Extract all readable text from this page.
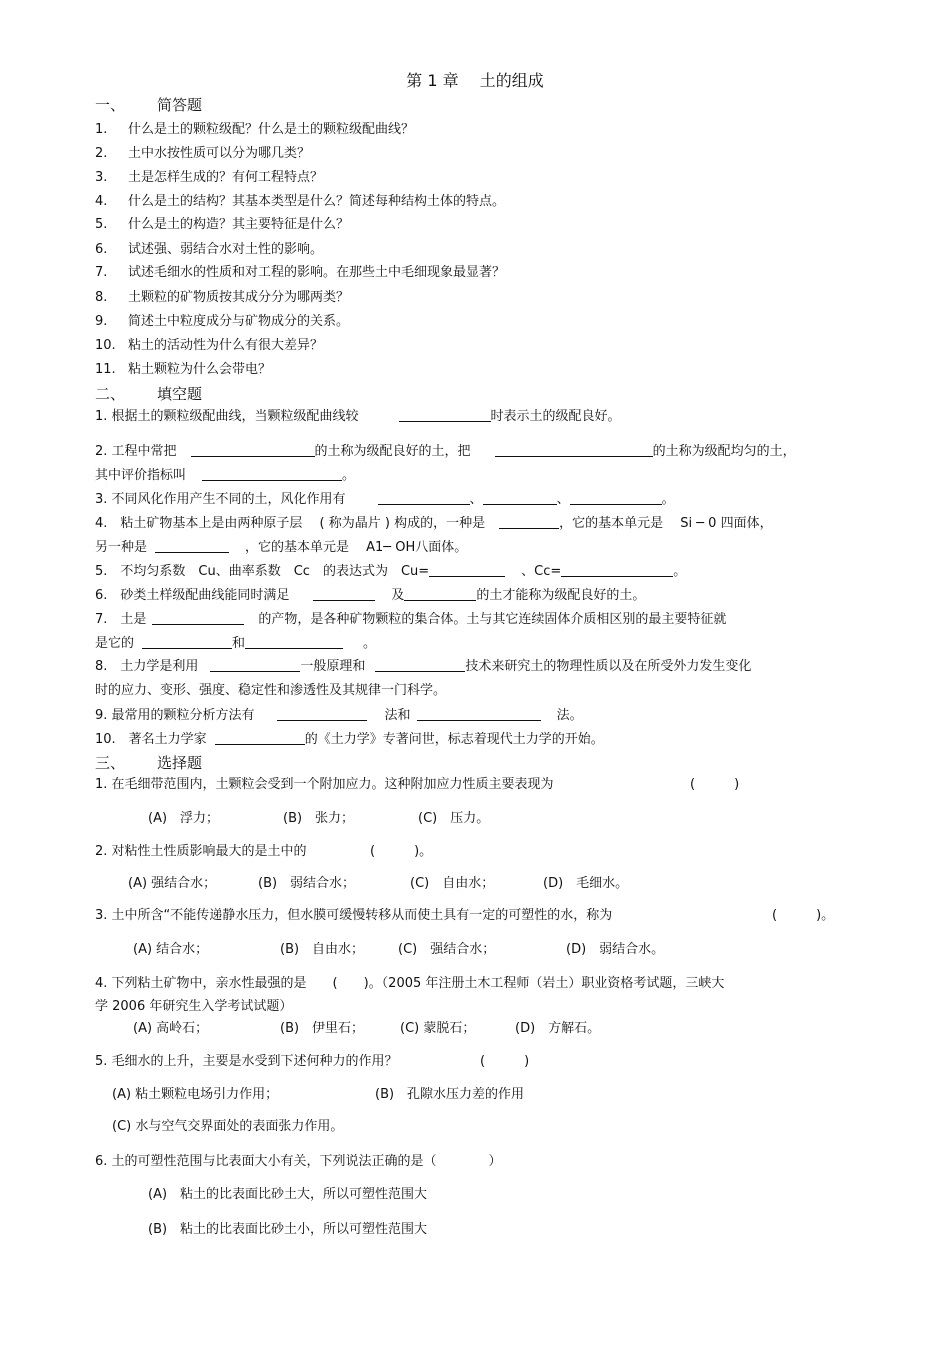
第 1 章　 土的组成
一、 简答题
1. 什么是土的颗粒级配？什么是土的颗粒级配曲线？
2. 土中水按性质可以分为哪几类？
3. 土是怎样生成的？有何工程特点？
4. 什么是土的结构？其基本类型是什么？简述每种结构土体的特点。
5. 什么是土的构造？其主要特征是什么？
6. 试述强、弱结合水对土性的影响。
7. 试述毛细水的性质和对工程的影响。在那些土中毛细现象最显著？
8. 土颗粒的矿物质按其成分分为哪两类？
9. 简述土中粒度成分与矿物成分的关系。
10. 粘土的活动性为什么有很大差异？
11. 粘土颗粒为什么会带电？
二、 填空题
1. 根据土的颗粒级配曲线，当颗粒级配曲线较	时表示土的级配良好。
2. 工程中常把	的土称为级配良好的土，把	的土称为级配均匀的土，
其中评价指标叫	。
3. 不同风化作用产生不同的土，风化作用有	、	、	。
4.　粘土矿物基本上是由两种原子层　 ( 称为晶片 ) 构成的，一种是	，它的基本单元是　 Si ─ 0 四面体，
另一种是	，它的基本单元是　 A1─ OH八面体。
5.　不均匀系数　Cu、曲率系数　Cc　的表达式为　Cu=	、Cc=	。
6.　砂类土样级配曲线能同时满足	及	的土才能称为级配良好的土。
7.　土是	的产物，是各种矿物颗粒的集合体。土与其它连续固体介质相区别的最主要特征就
是它的	和	。
8.　土力学是利用	一般原理和	技术来研究土的物理性质以及在所受外力发生变化
时的应力、变形、强度、稳定性和渗透性及其规律一门科学。
9. 最常用的颗粒分析方法有	法和	法。
10.　著名土力学家	的《土力学》专著问世，标志着现代土力学的开始。
三、 选择题
1. 在毛细带范围内，土颗粒会受到一个附加应力。这种附加应力性质主要表现为	(　　　)
(A)　浮力；	(B)　张力；	(C)　压力。
2. 对粘性土性质影响最大的是土中的	(　　　)。
(A) 强结合水；	(B)　弱结合水；	(C)　自由水；	(D)　毛细水。
3. 土中所含“不能传递静水压力，但水膜可缓慢转移从而使土具有一定的可塑性的水，称为	(　　　)。
(A) 结合水；	(B)　自由水；	(C)　强结合水；	(D)　弱结合水。
4. 下列粘土矿物中，亲水性最强的是　　(　　)。（2005 年注册土木工程师（岩土）职业资格考试题，三峡大
学 2006 年研究生入学考试试题）
(A) 高岭石；	(B)　伊里石；	(C) 蒙脱石；	(D)　方解石。
5. 毛细水的上升，主要是水受到下述何种力的作用？	(　　　)
(A) 粘土颗粒电场引力作用；	(B)　孔隙水压力差的作用
(C) 水与空气交界面处的表面张力作用。
6. 土的可塑性范围与比表面大小有关，下列说法正确的是（　　　　）
(A)　粘土的比表面比砂土大，所以可塑性范围大
(B)　粘土的比表面比砂土小，所以可塑性范围大
